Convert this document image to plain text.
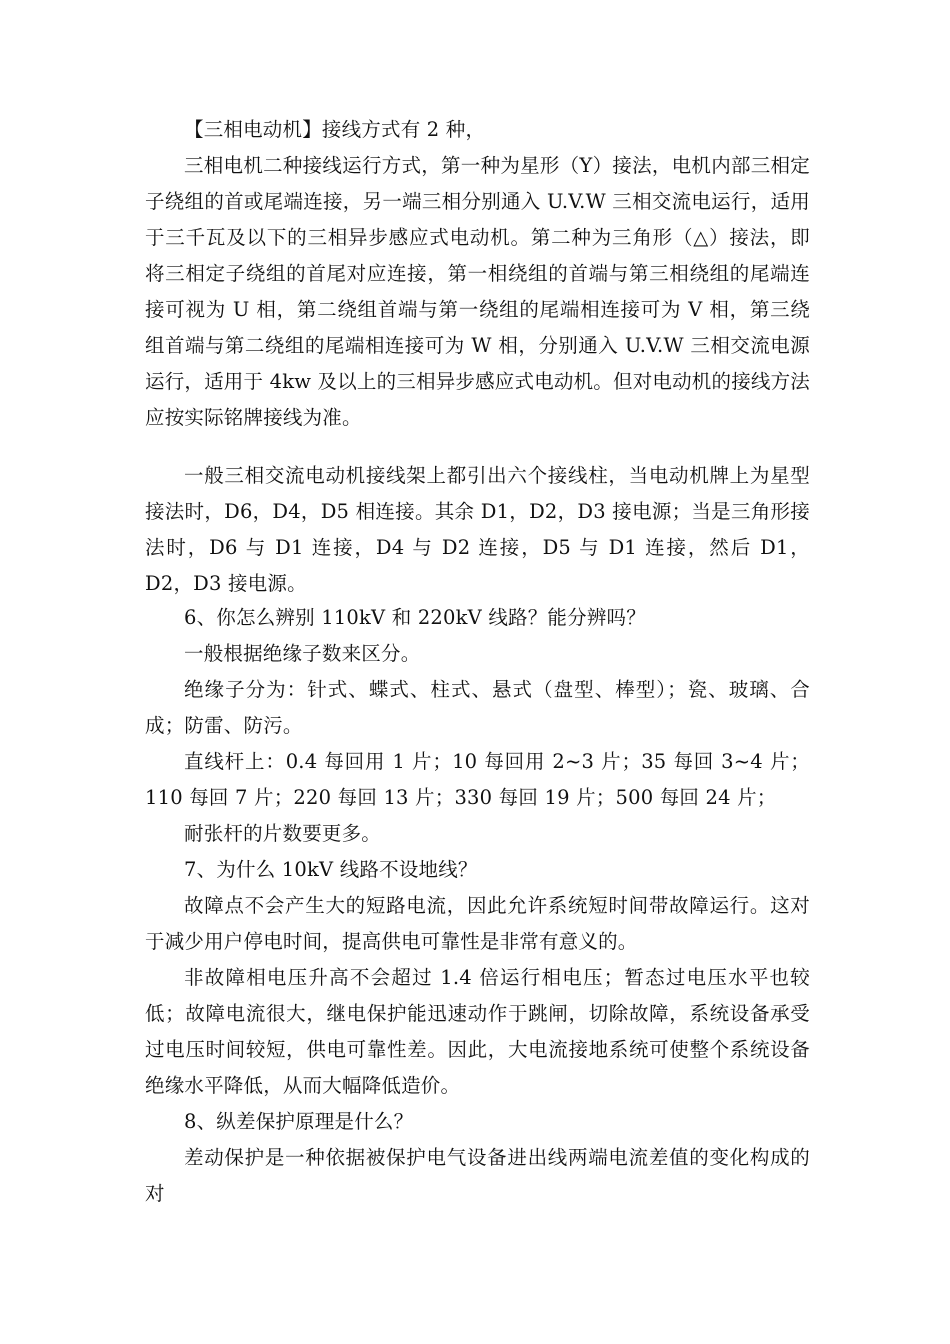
【三相电动机】接线方式有 2 种，

三相电机二种接线运行方式，第一种为星形（Y）接法，电机内部三相定子绕组的首或尾端连接，另一端三相分别通入 U.V.W 三相交流电运行，适用于三千瓦及以下的三相异步感应式电动机。第二种为三角形（△）接法，即将三相定子绕组的首尾对应连接，第一相绕组的首端与第三相绕组的尾端连接可视为 U 相，第二绕组首端与第一绕组的尾端相连接可为 V 相，第三绕组首端与第二绕组的尾端相连接可为 W 相，分别通入 U.V.W 三相交流电源运行，适用于 4kw 及以上的三相异步感应式电动机。但对电动机的接线方法应按实际铭牌接线为准。

一般三相交流电动机接线架上都引出六个接线柱，当电动机牌上为星型接法时，D6，D4，D5 相连接。其余 D1，D2，D3 接电源；当是三角形接法时，D6 与 D1 连接，D4 与 D2 连接，D5 与 D1 连接，然后 D1，D2，D3 接电源。

6、你怎么辨别 110kV 和 220kV 线路？能分辨吗？

一般根据绝缘子数来区分。

绝缘子分为：针式、蝶式、柱式、悬式（盘型、棒型）；瓷、玻璃、合成；防雷、防污。

直线杆上：0.4 每回用 1 片；10 每回用 2~3 片；35 每回 3~4 片；110 每回 7 片；220 每回 13 片；330 每回 19 片；500 每回 24 片；

耐张杆的片数要更多。

7、为什么 10kV 线路不设地线？

故障点不会产生大的短路电流，因此允许系统短时间带故障运行。这对于减少用户停电时间，提高供电可靠性是非常有意义的。

非故障相电压升高不会超过 1.4 倍运行相电压；暂态过电压水平也较低；故障电流很大，继电保护能迅速动作于跳闸，切除故障，系统设备承受过电压时间较短，供电可靠性差。因此，大电流接地系统可使整个系统设备绝缘水平降低，从而大幅降低造价。

8、纵差保护原理是什么？

差动保护是一种依据被保护电气设备进出线两端电流差值的变化构成的对
